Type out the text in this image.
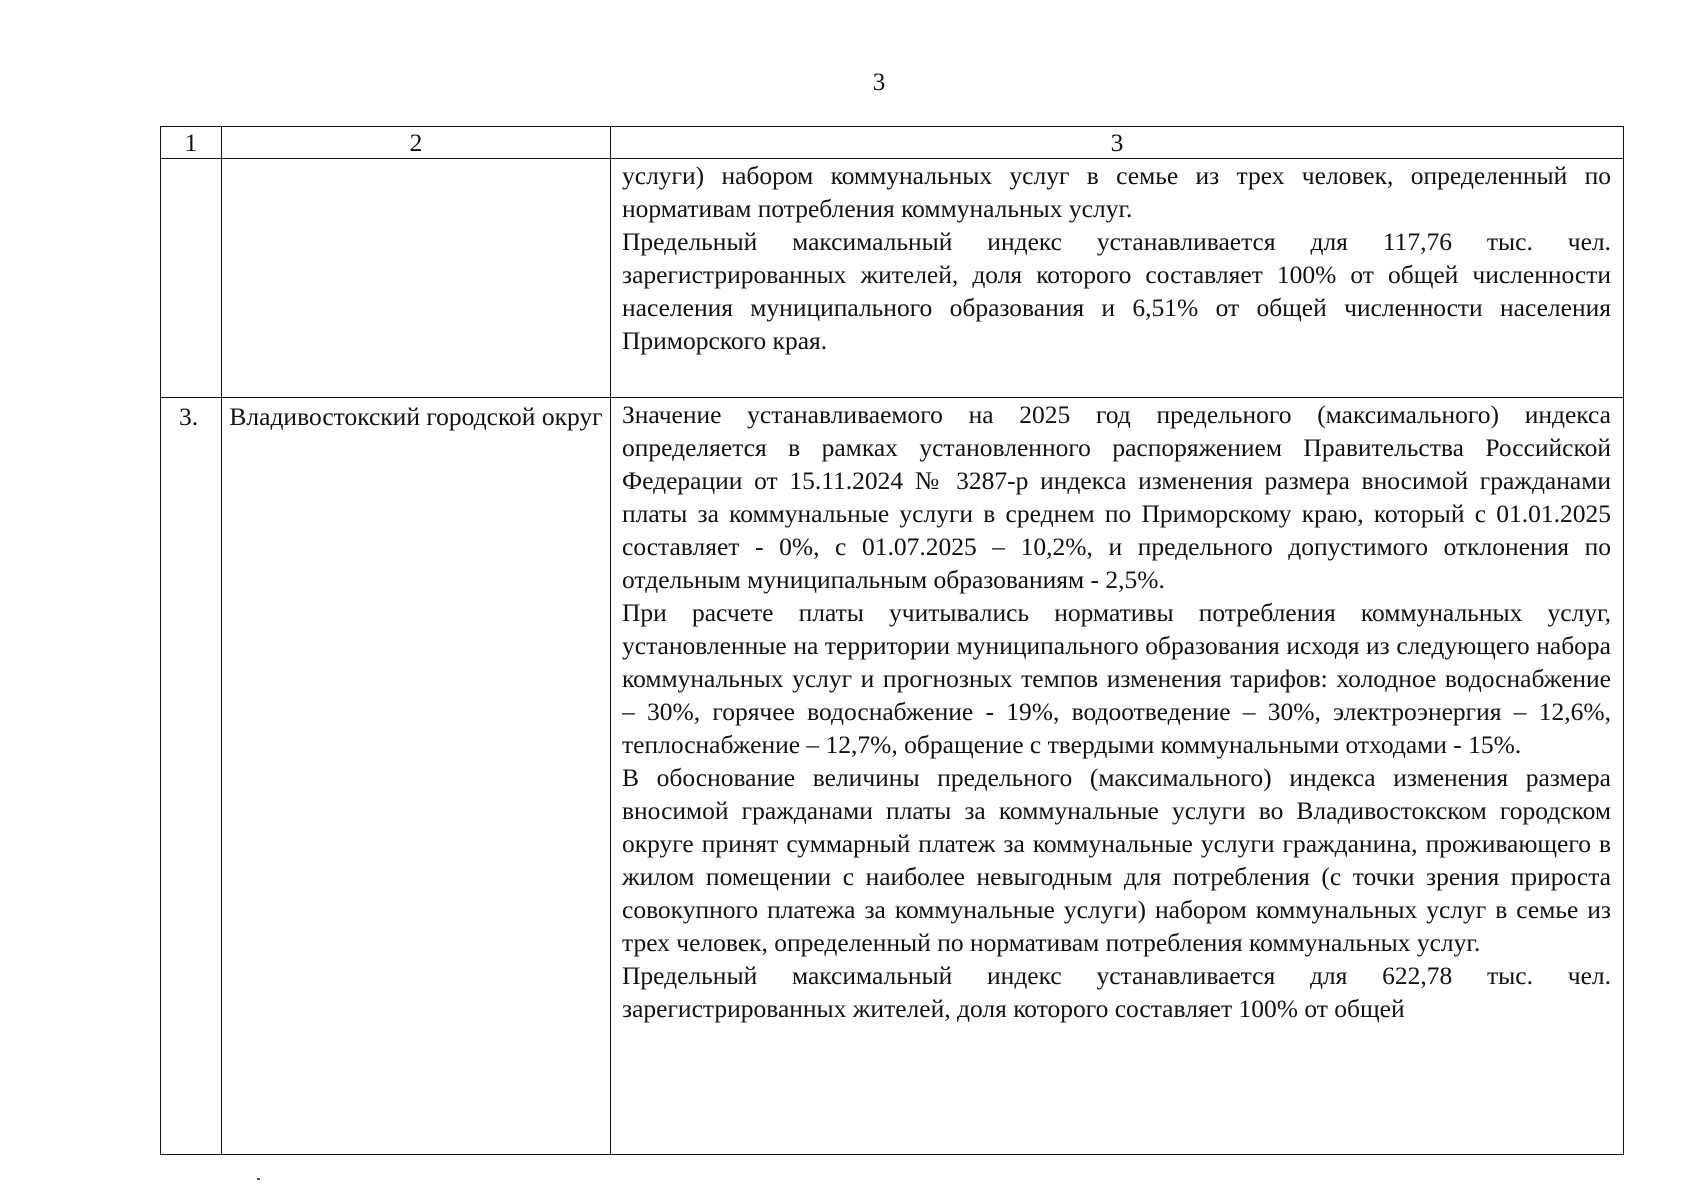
3
1	2	3

		услуги) набором коммунальных услуг в семье из трех человек, определенный по нормативам потребления коммунальных услуг.

Предельный максимальный индекс устанавливается для 117,76 тыс. чел. зарегистрированных жителей, доля которого составляет 100% от общей численности населения муниципального образования и 6,51% от общей численности населения Приморского края.

3.	Владивостокский городской округ	Значение устанавливаемого на 2025 год предельного (максимального) индекса определяется в рамках установленного распоряжением Правительства Российской Федерации от 15.11.2024 № 3287-р индекса изменения размера вносимой гражданами платы за коммунальные услуги в среднем по Приморскому краю, который с 01.01.2025 составляет - 0%, с 01.07.2025 – 10,2%, и предельного допустимого отклонения по отдельным муниципальным образованиям - 2,5%.

При расчете платы учитывались нормативы потребления коммунальных услуг, установленные на территории муниципального образования исходя из следующего набора коммунальных услуг и прогнозных темпов изменения тарифов: холодное водоснабжение – 30%, горячее водоснабжение - 19%, водоотведение – 30%, электроэнергия – 12,6%, теплоснабжение – 12,7%, обращение с твердыми коммунальными отходами - 15%.

В обоснование величины предельного (максимального) индекса изменения размера вносимой гражданами платы за коммунальные услуги во Владивостокском городском округе принят суммарный платеж за коммунальные услуги гражданина, проживающего в жилом помещении с наиболее невыгодным для потребления (с точки зрения прироста совокупного платежа за коммунальные услуги) набором коммунальных услуг в семье из трех человек, определенный по нормативам потребления коммунальных услуг.

Предельный максимальный индекс устанавливается для 622,78 тыс. чел. зарегистрированных жителей, доля которого составляет 100% от общей
